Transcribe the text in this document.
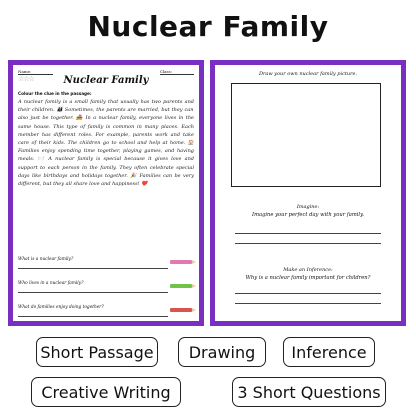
Nuclear Family
Name:	Class:
☆☆☆	Nuclear Family
Colour the clue in the passage:
A nuclear family is a small family that usually has two parents and their children. 👨‍👩‍👧 Sometimes, the parents are married, but they can also just be together. 💑 In a nuclear family, everyone lives in the same house. This type of family is common in many places. Each member has different roles. For example, parents work and take care of their kids. The children go to school and help at home. 🏠 Families enjoy spending time together, playing games, and having meals. 🍽️ A nuclear family is special because it gives love and support to each person in the family. They often celebrate special days like birthdays and holidays together. 🎉 Families can be very different, but they all share love and happiness! ❤️
What is a nuclear family?
Who lives in a nuclear family?
What do families enjoy doing together?
Draw your own nuclear family picture.
Imagine:
Imagine your perfect day with your family.
Make an Inference:
Why is a nuclear family important for children?
Short Passage	Drawing	Inference
Creative Writing	3 Short Questions
